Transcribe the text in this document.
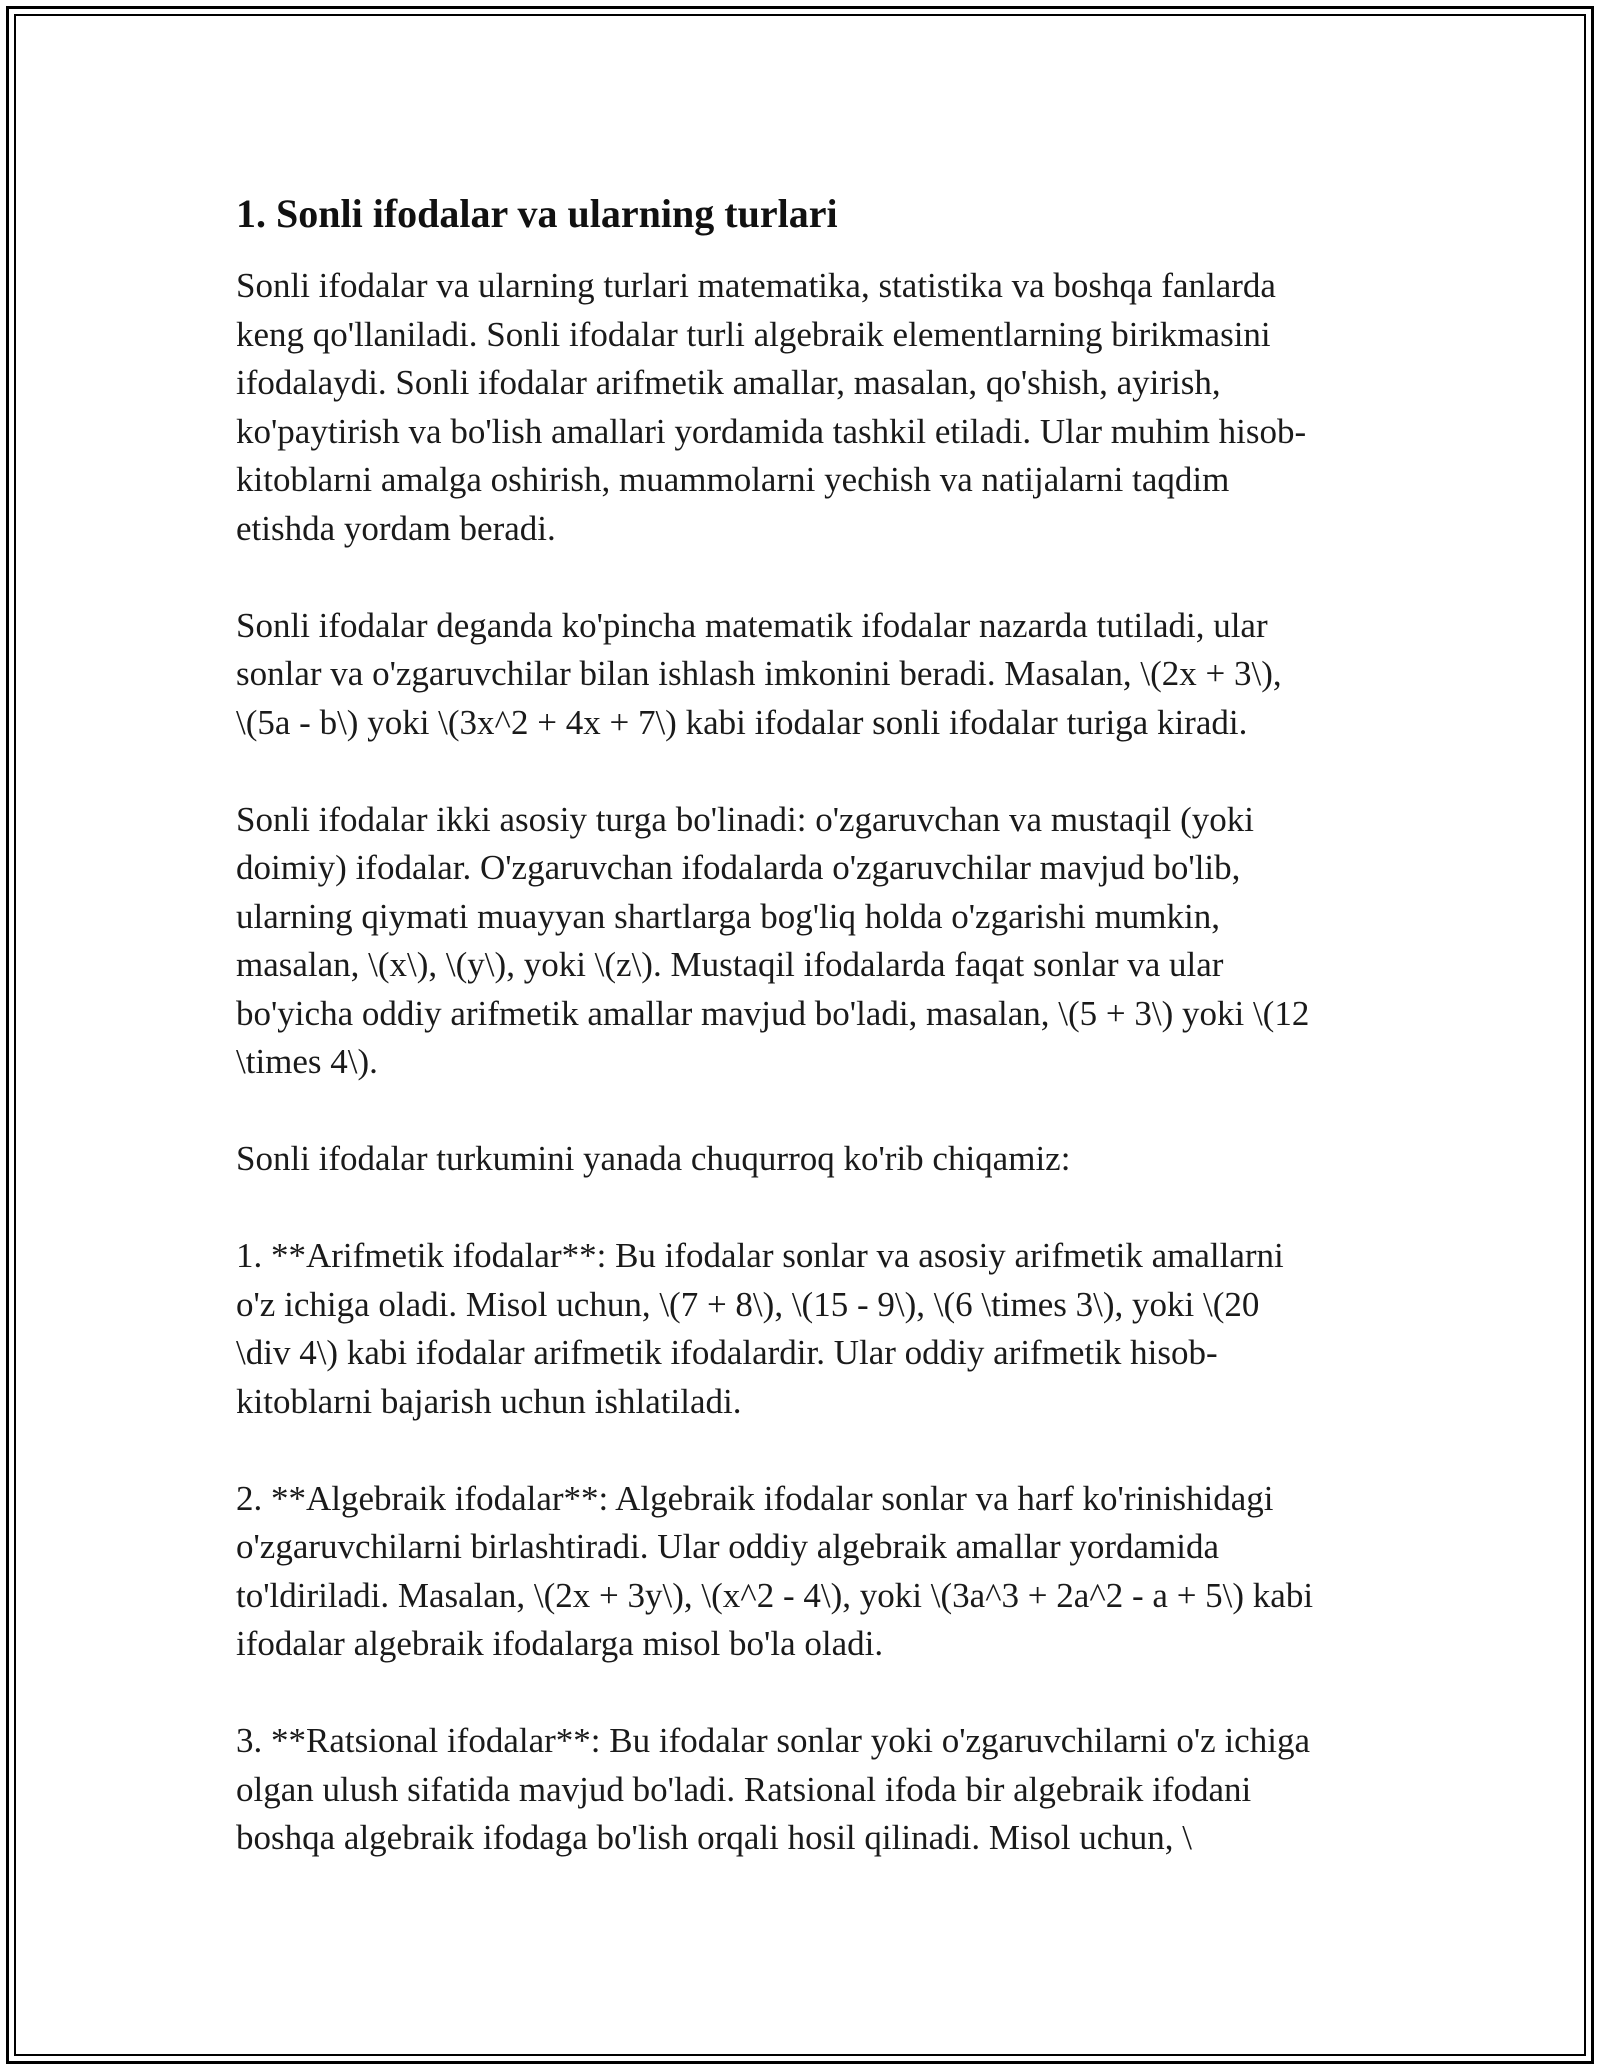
1. Sonli ifodalar va ularning turlari

Sonli ifodalar va ularning turlari matematika, statistika va boshqa fanlarda
keng qo'llaniladi. Sonli ifodalar turli algebraik elementlarning birikmasini
ifodalaydi. Sonli ifodalar arifmetik amallar, masalan, qo'shish, ayirish,
ko'paytirish va bo'lish amallari yordamida tashkil etiladi. Ular muhim hisob-
kitoblarni amalga oshirish, muammolarni yechish va natijalarni taqdim
etishda yordam beradi.

Sonli ifodalar deganda ko'pincha matematik ifodalar nazarda tutiladi, ular
sonlar va o'zgaruvchilar bilan ishlash imkonini beradi. Masalan, \(2x + 3\),
\(5a - b\) yoki \(3x^2 + 4x + 7\) kabi ifodalar sonli ifodalar turiga kiradi.

Sonli ifodalar ikki asosiy turga bo'linadi: o'zgaruvchan va mustaqil (yoki
doimiy) ifodalar. O'zgaruvchan ifodalarda o'zgaruvchilar mavjud bo'lib,
ularning qiymati muayyan shartlarga bog'liq holda o'zgarishi mumkin,
masalan, \(x\), \(y\), yoki \(z\). Mustaqil ifodalarda faqat sonlar va ular
bo'yicha oddiy arifmetik amallar mavjud bo'ladi, masalan, \(5 + 3\) yoki \(12
\times 4\).

Sonli ifodalar turkumini yanada chuqurroq ko'rib chiqamiz:

1. **Arifmetik ifodalar**: Bu ifodalar sonlar va asosiy arifmetik amallarni
o'z ichiga oladi. Misol uchun, \(7 + 8\), \(15 - 9\), \(6 \times 3\), yoki \(20
\div 4\) kabi ifodalar arifmetik ifodalardir. Ular oddiy arifmetik hisob-
kitoblarni bajarish uchun ishlatiladi.

2. **Algebraik ifodalar**: Algebraik ifodalar sonlar va harf ko'rinishidagi
o'zgaruvchilarni birlashtiradi. Ular oddiy algebraik amallar yordamida
to'ldiriladi. Masalan, \(2x + 3y\), \(x^2 - 4\), yoki \(3a^3 + 2a^2 - a + 5\) kabi
ifodalar algebraik ifodalarga misol bo'la oladi.

3. **Ratsional ifodalar**: Bu ifodalar sonlar yoki o'zgaruvchilarni o'z ichiga
olgan ulush sifatida mavjud bo'ladi. Ratsional ifoda bir algebraik ifodani
boshqa algebraik ifodaga bo'lish orqali hosil qilinadi. Misol uchun, \
